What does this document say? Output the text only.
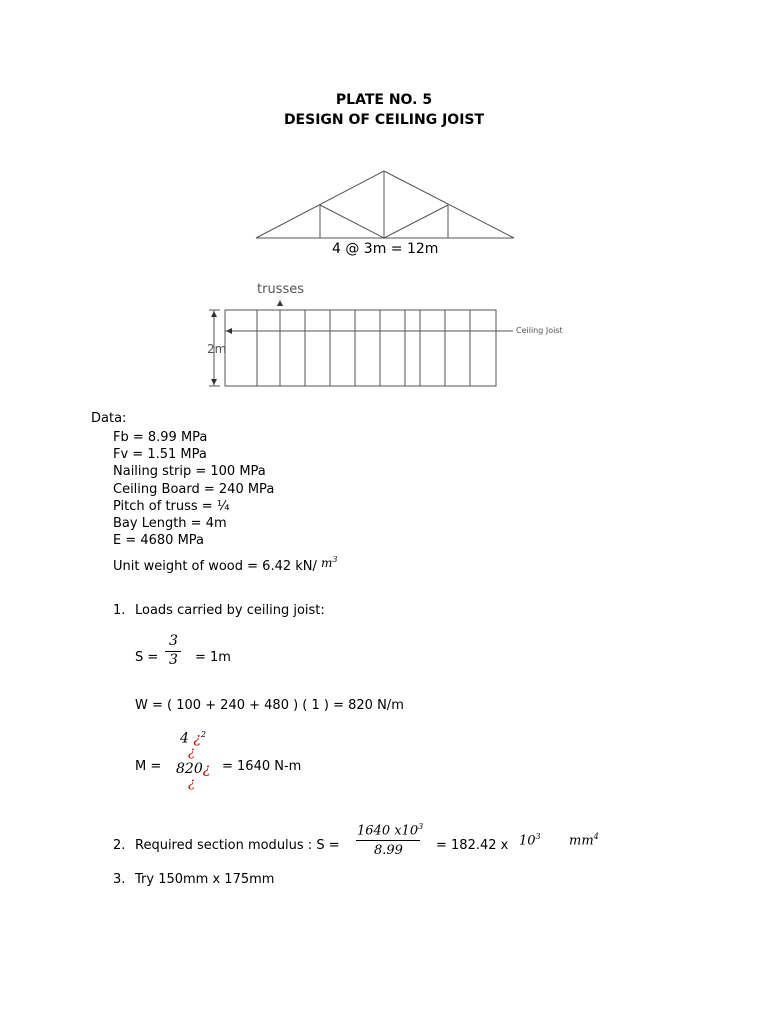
PLATE NO. 5
DESIGN OF CEILING JOIST
4 @ 3m = 12m
trusses
2m
Ceiling Joist
Data:
Fb = 8.99 MPa
Fv = 1.51 MPa
Nailing strip = 100 MPa
Ceiling Board = 240 MPa
Pitch of truss = ¼
Bay Length = 4m
E = 4680 MPa
Unit weight of wood = 6.42 kN/ $m^3$
1. Loads carried by ceiling joist:
S =
3
3 = 1m
W = ( 100 + 240 + 480 ) ( 1 ) = 820 N/m
M =
4 ¿$^2$
¿
820¿
¿
= 1640 N-m
2. Required section modulus : S =
1640 $x10^3$
8.99	= 182.42 x $10^3$ $mm^4$
3. Try 150mm x 175mm
